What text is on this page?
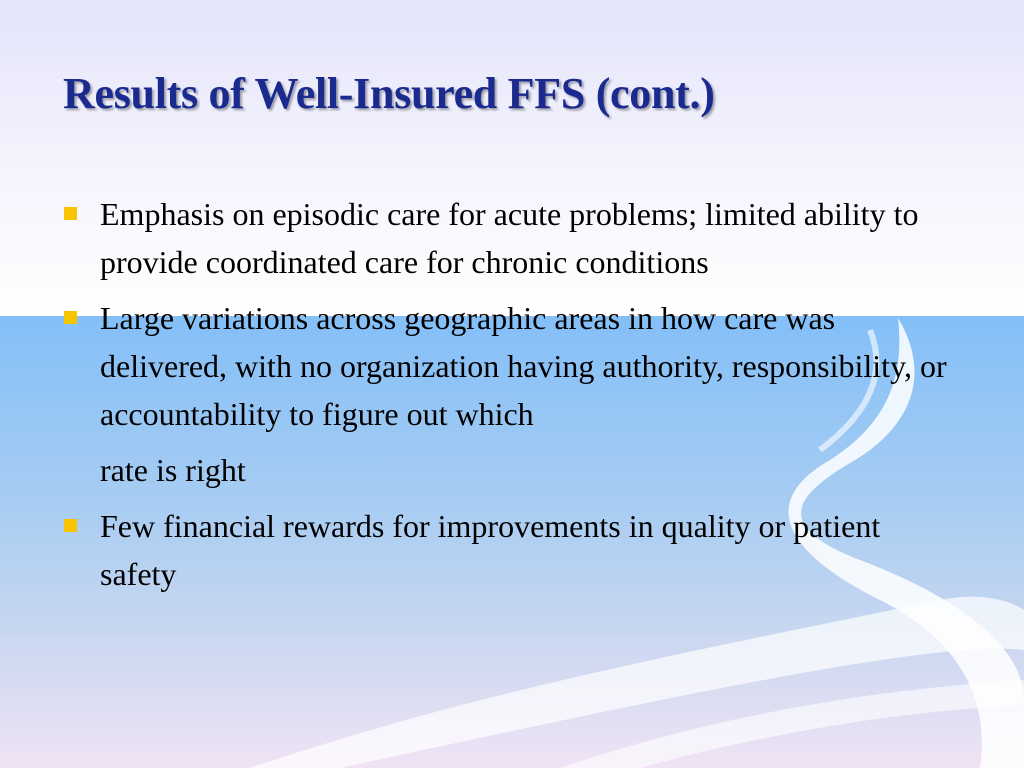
Results of Well-Insured FFS (cont.)
Emphasis on episodic care for acute problems; limited ability to provide coordinated care for chronic conditions
Large variations across geographic areas in how care was delivered, with no organization having authority, responsibility, or accountability to figure out which
rate is right
Few financial rewards for improvements in quality or patient safety
